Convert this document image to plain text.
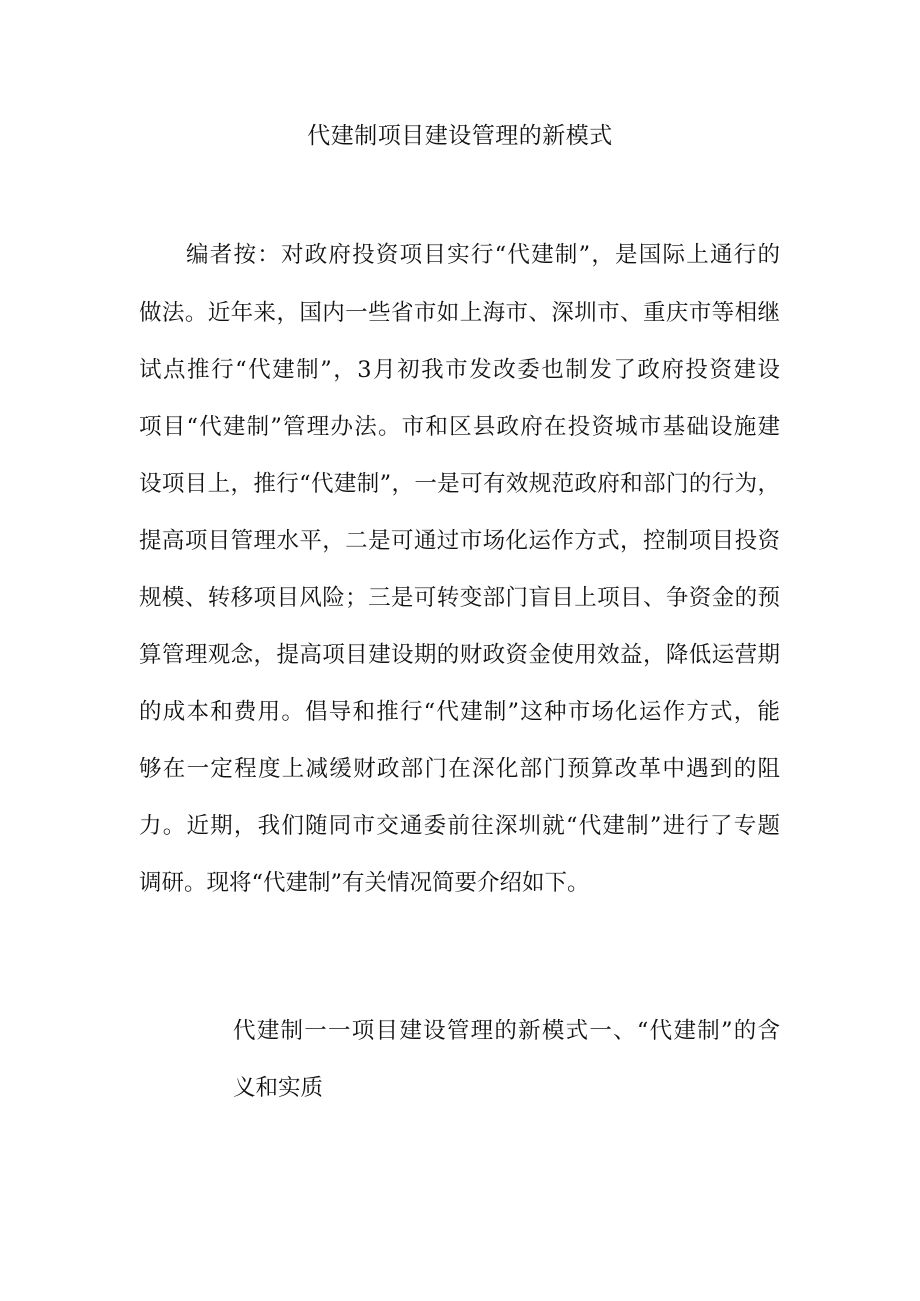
代建制项目建设管理的新模式
编者按：对政府投资项目实行“代建制”，是国际上通行的
做法。近年来，国内一些省市如上海市、深圳市、重庆市等相继
试点推行“代建制”，3月初我市发改委也制发了政府投资建设
项目“代建制”管理办法。市和区县政府在投资城市基础设施建
设项目上，推行“代建制”，一是可有效规范政府和部门的行为，
提高项目管理水平，二是可通过市场化运作方式，控制项目投资
规模、转移项目风险；三是可转变部门盲目上项目、争资金的预
算管理观念，提高项目建设期的财政资金使用效益，降低运营期
的成本和费用。倡导和推行“代建制”这种市场化运作方式，能
够在一定程度上减缓财政部门在深化部门预算改革中遇到的阻
力。近期，我们随同市交通委前往深圳就“代建制”进行了专题
调研。现将“代建制”有关情况简要介绍如下。
代建制一一项目建设管理的新模式一、“代建制”的含
义和实质
